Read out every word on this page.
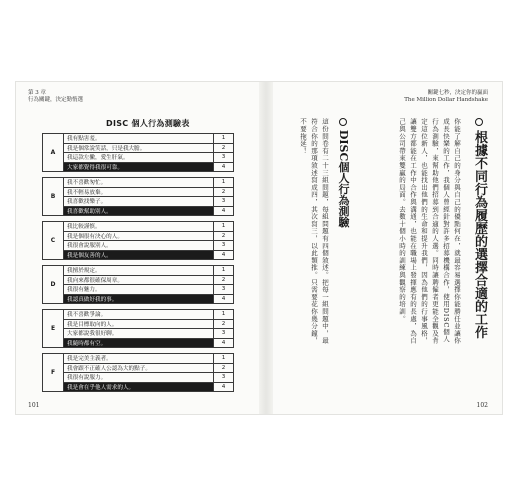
第 3 章
行為關鍵，決定勤惰選
DISC 個人行為測驗表
A	我有點害羞。	1
	我是個常說笑話，只是我大膽。	2
	我這款左撇，愛生肝氣。	3
	大家都覺得我很可靠。	4

B	我不喜歡匆忙。	1
	我不輕易放棄。	2
	我喜歡找樂子。	3
	我喜歡幫助別人。	4

C	我比較謹慎。	1
	我是個很有決心的人。	2
	我很會說服別人。	3
	我是個友善的人。	4

D	我擅於規定。	1
	我向來都很確保周章。	2
	我很有魅力。	3
	我認真做好我的事。	4

E	我不喜歡爭論。	1
	我是目標取向的人。	2
	大家都說我很好聊。	3
	我隨時都有空。	4

F	我是完美主義者。	1
	我會跟不正確人公認為大的點子。	2
	我很有說服力。	3
	我是會在乎他人需求的人。	4
101
關鍵七秒，決定你的贏面
The Million Dollar Handshake
根據不同行為履歷的選擇合適的工作
你能了解自己的身分與自己的優點何在，就最容易選擇你能勝任並讓你成長快樂的工作，我個人曾經針對許多招募機構合作，使用DISC個人行為測驗，來幫助他們招募到合適的人選。同時讓聘僱者更能全觀及肯定這位新人，也能找出他們的生命和提升我們，因為他們的行事風格，讓雙方都能在工作中合作與溝通，也能在職場上發揮應有的長處，為自己與公司帶來雙贏的局面。去數十個小時的訓練與觀察的培訓。
DISC個人行為測驗
這份問卷有二十三組問題，每組問題有四個敘述。把每一組問題中，最符合你的那項敘述寫成四，其次寫三，以此類推。只需要花你幾分鐘，不要拖延！
102
